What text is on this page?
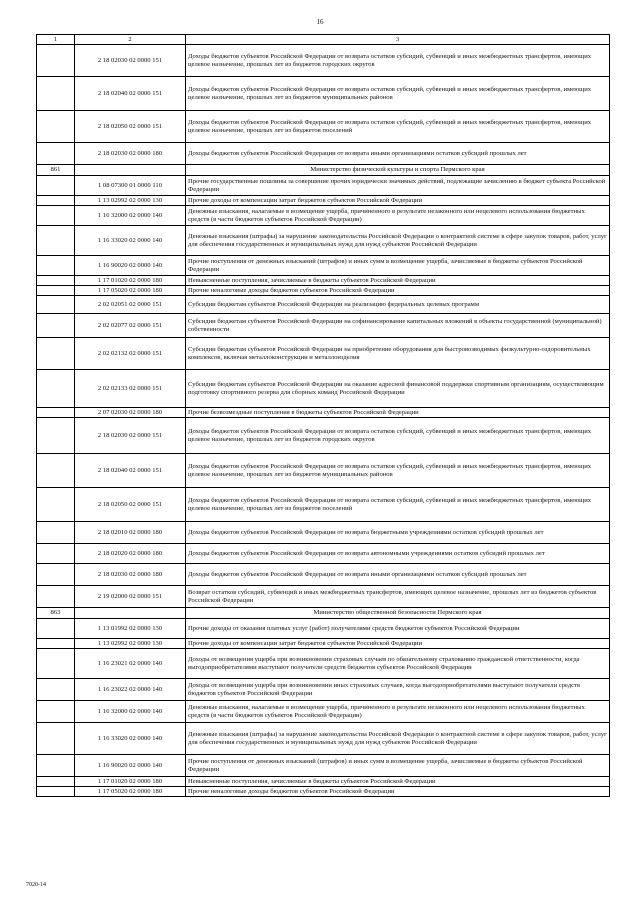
16
1	2	3
	2 18 02030 02 0000 151	Доходы бюджетов субъектов Российской Федерации от возврата остатков субсидий, субвенций и иных межбюджетных трансфертов, имеющих целевое назначение, прошлых лет из бюджетов городских округов
	2 18 02040 02 0000 151	Доходы бюджетов субъектов Российской Федерации от возврата остатков субсидий, субвенций и иных межбюджетных трансфертов, имеющих целевое назначение, прошлых лет из бюджетов муниципальных районов
	2 18 02050 02 0000 151	Доходы бюджетов субъектов Российской Федерации от возврата остатков субсидий, субвенций и иных межбюджетных трансфертов, имеющих целевое назначение, прошлых лет из бюджетов поселений
	2 18 02030 02 0000 180	Доходы бюджетов субъектов Российской Федерации от возврата иными организациями остатков субсидий прошлых лет
861		Министерство физической культуры и спорта Пермского края
	1 08 07300 01 0000 110	Прочие государственные пошлины за совершение прочих юридически значимых действий, подлежащие зачислению в бюджет субъекта Российской Федерации
	1 13 02992 02 0000 130	Прочие доходы от компенсации затрат бюджетов субъектов Российской Федерации
	1 16 32000 02 0000 140	Денежные взыскания, налагаемые в возмещение ущерба, причиненного в результате незаконного или нецелевого использования бюджетных средств (в части бюджетов субъектов Российской Федерации)
	1 16 33020 02 0000 140	Денежные взыскания (штрафы) за нарушение законодательства Российской Федерации о контрактной системе в сфере закупок товаров, работ, услуг для обеспечения государственных и муниципальных нужд для нужд субъектов Российской Федерации
	1 16 90020 02 0000 140	Прочие поступления от денежных взысканий (штрафов) и иных сумм в возмещение ущерба, зачисляемые в бюджеты субъектов Российской Федерации
	1 17 01020 02 0000 180	Невыясненные поступления, зачисляемые в бюджеты субъектов Российской Федерации
	1 17 05020 02 0000 180	Прочие неналоговые доходы бюджетов субъектов Российской Федерации
	2 02 02051 02 0000 151	Субсидии бюджетам субъектов Российской Федерации на реализацию федеральных целевых программ
	2 02 02077 02 0000 151	Субсидии бюджетам субъектов Российской Федерации на софинансирование капитальных вложений в объекты государственной (муниципальной) собственности
	2 02 02132 02 0000 151	Субсидии бюджетам субъектов Российской Федерации на приобретение оборудования для быстровозводимых физкультурно-оздоровительных комплексов, включая металлоконструкции и металлоизделия
	2 02 02133 02 0000 151	Субсидии бюджетам субъектов Российской Федерации на оказание адресной финансовой поддержки спортивным организациям, осуществляющим подготовку спортивного резерва для сборных команд Российской Федерации
	2 07 02030 02 0000 180	Прочие безвозмездные поступления в бюджеты субъектов Российской Федерации
	2 18 02030 02 0000 151	Доходы бюджетов субъектов Российской Федерации от возврата остатков субсидий, субвенций и иных межбюджетных трансфертов, имеющих целевое назначение, прошлых лет из бюджетов городских округов
	2 18 02040 02 0000 151	Доходы бюджетов субъектов Российской Федерации от возврата остатков субсидий, субвенций и иных межбюджетных трансфертов, имеющих целевое назначение, прошлых лет из бюджетов муниципальных районов
	2 18 02050 02 0000 151	Доходы бюджетов субъектов Российской Федерации от возврата остатков субсидий, субвенций и иных межбюджетных трансфертов, имеющих целевое назначение, прошлых лет из бюджетов поселений
	2 18 02010 02 0000 180	Доходы бюджетов субъектов Российской Федерации от возврата бюджетными учреждениями остатков субсидий прошлых лет
	2 18 02020 02 0000 180	Доходы бюджетов субъектов Российской Федерации от возврата автономными учреждениями остатков субсидий прошлых лет
	2 18 02030 02 0000 180	Доходы бюджетов субъектов Российской Федерации от возврата иными организациями остатков субсидий прошлых лет
	2 19 02000 02 0000 151	Возврат остатков субсидий, субвенций и иных межбюджетных трансфертов, имеющих целевое назначение, прошлых лет из бюджетов субъектов Российской Федерации
863		Министерство общественной безопасности Пермского края
	1 13 01992 02 0000 130	Прочие доходы от оказания платных услуг (работ) получателями средств бюджетов субъектов Российской Федерации
	1 13 02992 02 0000 130	Прочие доходы от компенсации затрат бюджетов субъектов Российской Федерации
	1 16 23021 02 0000 140	Доходы от возмещения ущерба при возникновении страховых случаев по обязательному страхованию гражданской ответственности, когда выгодоприобретателями выступают получатели средств бюджетов субъектов Российской Федерации
	1 16 23022 02 0000 140	Доходы от возмещения ущерба при возникновении иных страховых случаев, когда выгодоприобретателями выступают получатели средств бюджетов субъектов Российской Федерации
	1 16 32000 02 0000 140	Денежные взыскания, налагаемые в возмещение ущерба, причиненного в результате незаконного или нецелевого использования бюджетных средств (в части бюджетов субъектов Российской Федерации)
	1 16 33020 02 0000 140	Денежные взыскания (штрафы) за нарушение законодательства Российской Федерации о контрактной системе в сфере закупок товаров, работ, услуг для обеспечения государственных и муниципальных нужд для нужд субъектов Российской Федерации
	1 16 90020 02 0000 140	Прочие поступления от денежных взысканий (штрафов) и иных сумм в возмещение ущерба, зачисляемые в бюджеты субъектов Российской Федерации
	1 17 01020 02 0000 180	Невыясненные поступления, зачисляемые в бюджеты субъектов Российской Федерации
	1 17 05020 02 0000 180	Прочие неналоговые доходы бюджетов субъектов Российской Федерации
7020-14
